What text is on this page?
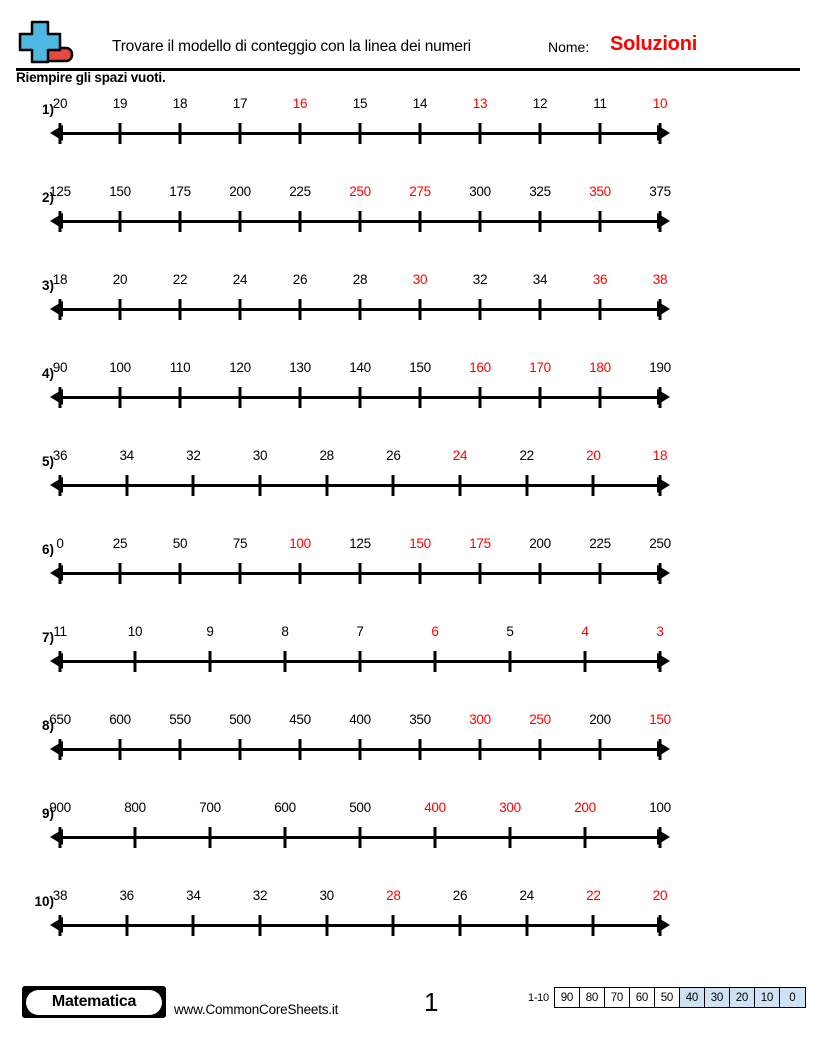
Trovare il modello di conteggio con la linea dei numeri	Nome: Soluzioni
Riempire gli spazi vuoti.
1)
20	19	18	17	16	15	14	13	12	11	10
2)
125	150	175	200	225	250	275	300	325	350	375
3)
18	20	22	24	26	28	30	32	34	36	38
4)
90	100	110	120	130	140	150	160	170	180	190
5)
36	34	32	30	28	26	24	22	20	18
6) 0	25	50	75	100	125	150	175	200	225	250
7) 11	10	9	8	7	6	5	4	3
8)
650	600	550	500	450	400	350	300	250	200	150
9)
900	800	700	600	500	400	300	200	100
10)
38	36	34	32	30	28	26	24	22	20
Matematica	www.CommonCoreSheets.it	1	1-10	90	80	70	60	50	40	30	20	10	0
